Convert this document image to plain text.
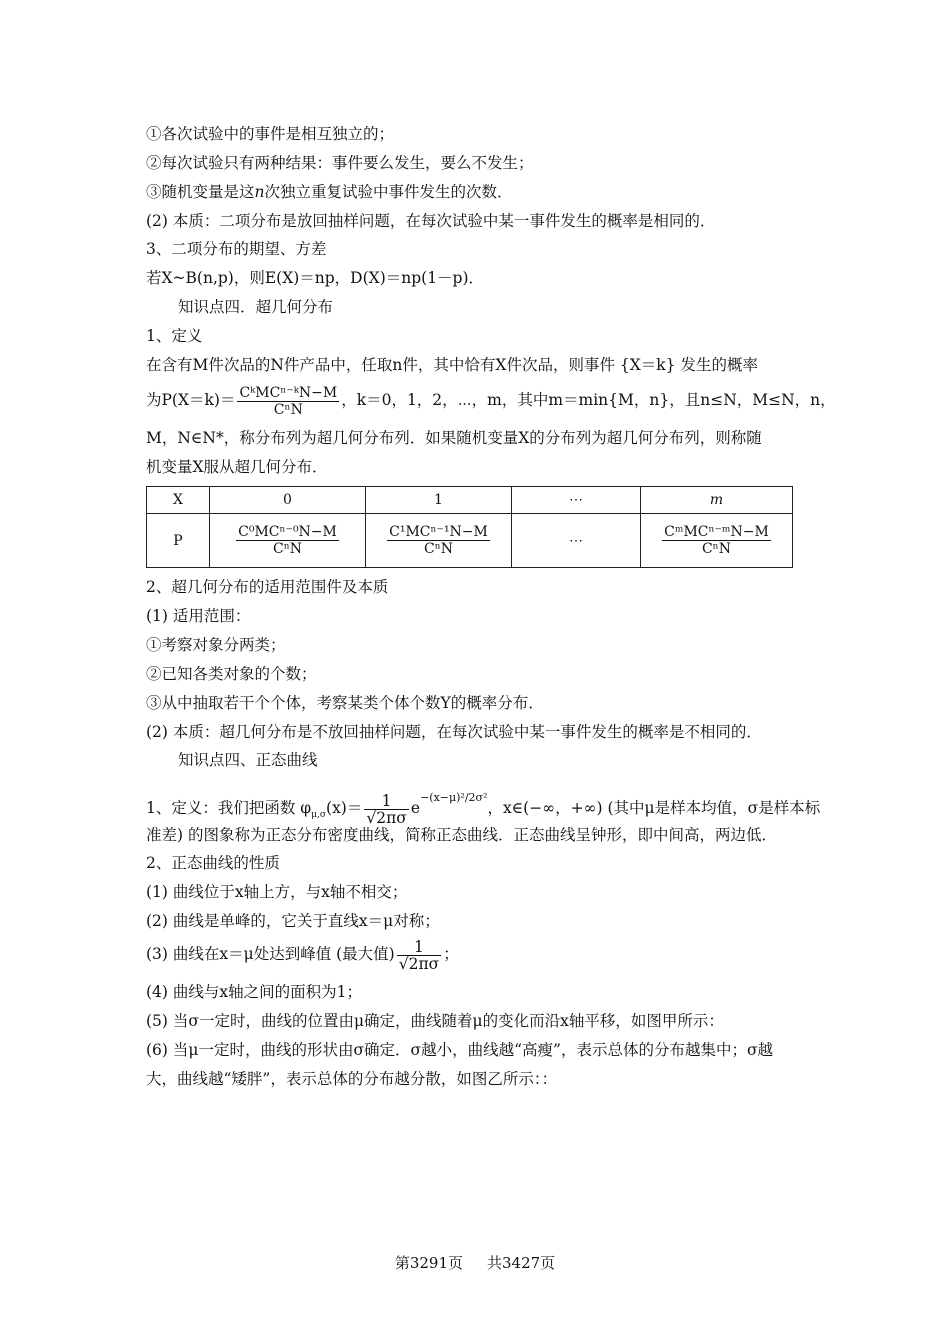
①各次试验中的事件是相互独立的；
②每次试验只有两种结果：事件要么发生，要么不发生；
③随机变量是这n次独立重复试验中事件发生的次数．
(2) 本质：二项分布是放回抽样问题，在每次试验中某一事件发生的概率是相同的．
3、二项分布的期望、方差
若X~B(n,p)，则E(X)＝np，D(X)＝np(1－p)．
知识点四．超几何分布
1、定义
在含有M件次品的N件产品中，任取n件，其中恰有X件次品，则事件 {X＝k} 发生的概率
为$P(X=k)= \frac{\text{CᵏMCⁿ⁻ᵏN−M}}{\text{CⁿN}}$ ，k＝0，1，2，⋯，m，其中m＝min{M，n}，且n≤N，M≤N，n，
M，N∈N*，称分布列为超几何分布列．如果随机变量X的分布列为超几何分布列，则称随
机变量X服从超几何分布．
X	0	1	⋯	m
P	$\frac{\text{C⁰MCⁿ⁻⁰N−M}}{\text{CⁿN}}$	$\frac{\text{C¹MCⁿ⁻¹N−M}}{\text{CⁿN}}$	⋯	$\frac{\text{CᵐMCⁿ⁻ᵐN−M}}{\text{CⁿN}}$
2、超几何分布的适用范围件及本质
(1) 适用范围：
①考察对象分两类；
②已知各类对象的个数；
③从中抽取若干个个体，考察某类个体个数Y的概率分布．
(2) 本质：超几何分布是不放回抽样问题，在每次试验中某一事件发生的概率是不相同的．
知识点四、正态曲线
1、定义：我们把函数 $\varphi_{\mu,\sigma}(x)= \frac{1}{√2\pi\sigma} e^{-(x-\mu)^2/2\sigma^2}$，x∈(−∞，+∞) (其中μ是样本均值，σ是样本标
准差) 的图象称为正态分布密度曲线，简称正态曲线．正态曲线呈钟形，即中间高，两边低．
2、正态曲线的性质
(1) 曲线位于x轴上方，与x轴不相交；
(2) 曲线是单峰的，它关于直线x＝μ对称；
(3) 曲线在x＝μ处达到峰值 (最大值) $\frac{1}{√2\pi\sigma}$ ；
(4) 曲线与x轴之间的面积为1；
(5) 当σ一定时，曲线的位置由μ确定，曲线随着μ的变化而沿x轴平移，如图甲所示：
(6) 当μ一定时，曲线的形状由σ确定．σ越小，曲线越“高瘦”，表示总体的分布越集中；σ越
大，曲线越“矮胖”，表示总体的分布越分散，如图乙所示：：
第3291页 共3427页
